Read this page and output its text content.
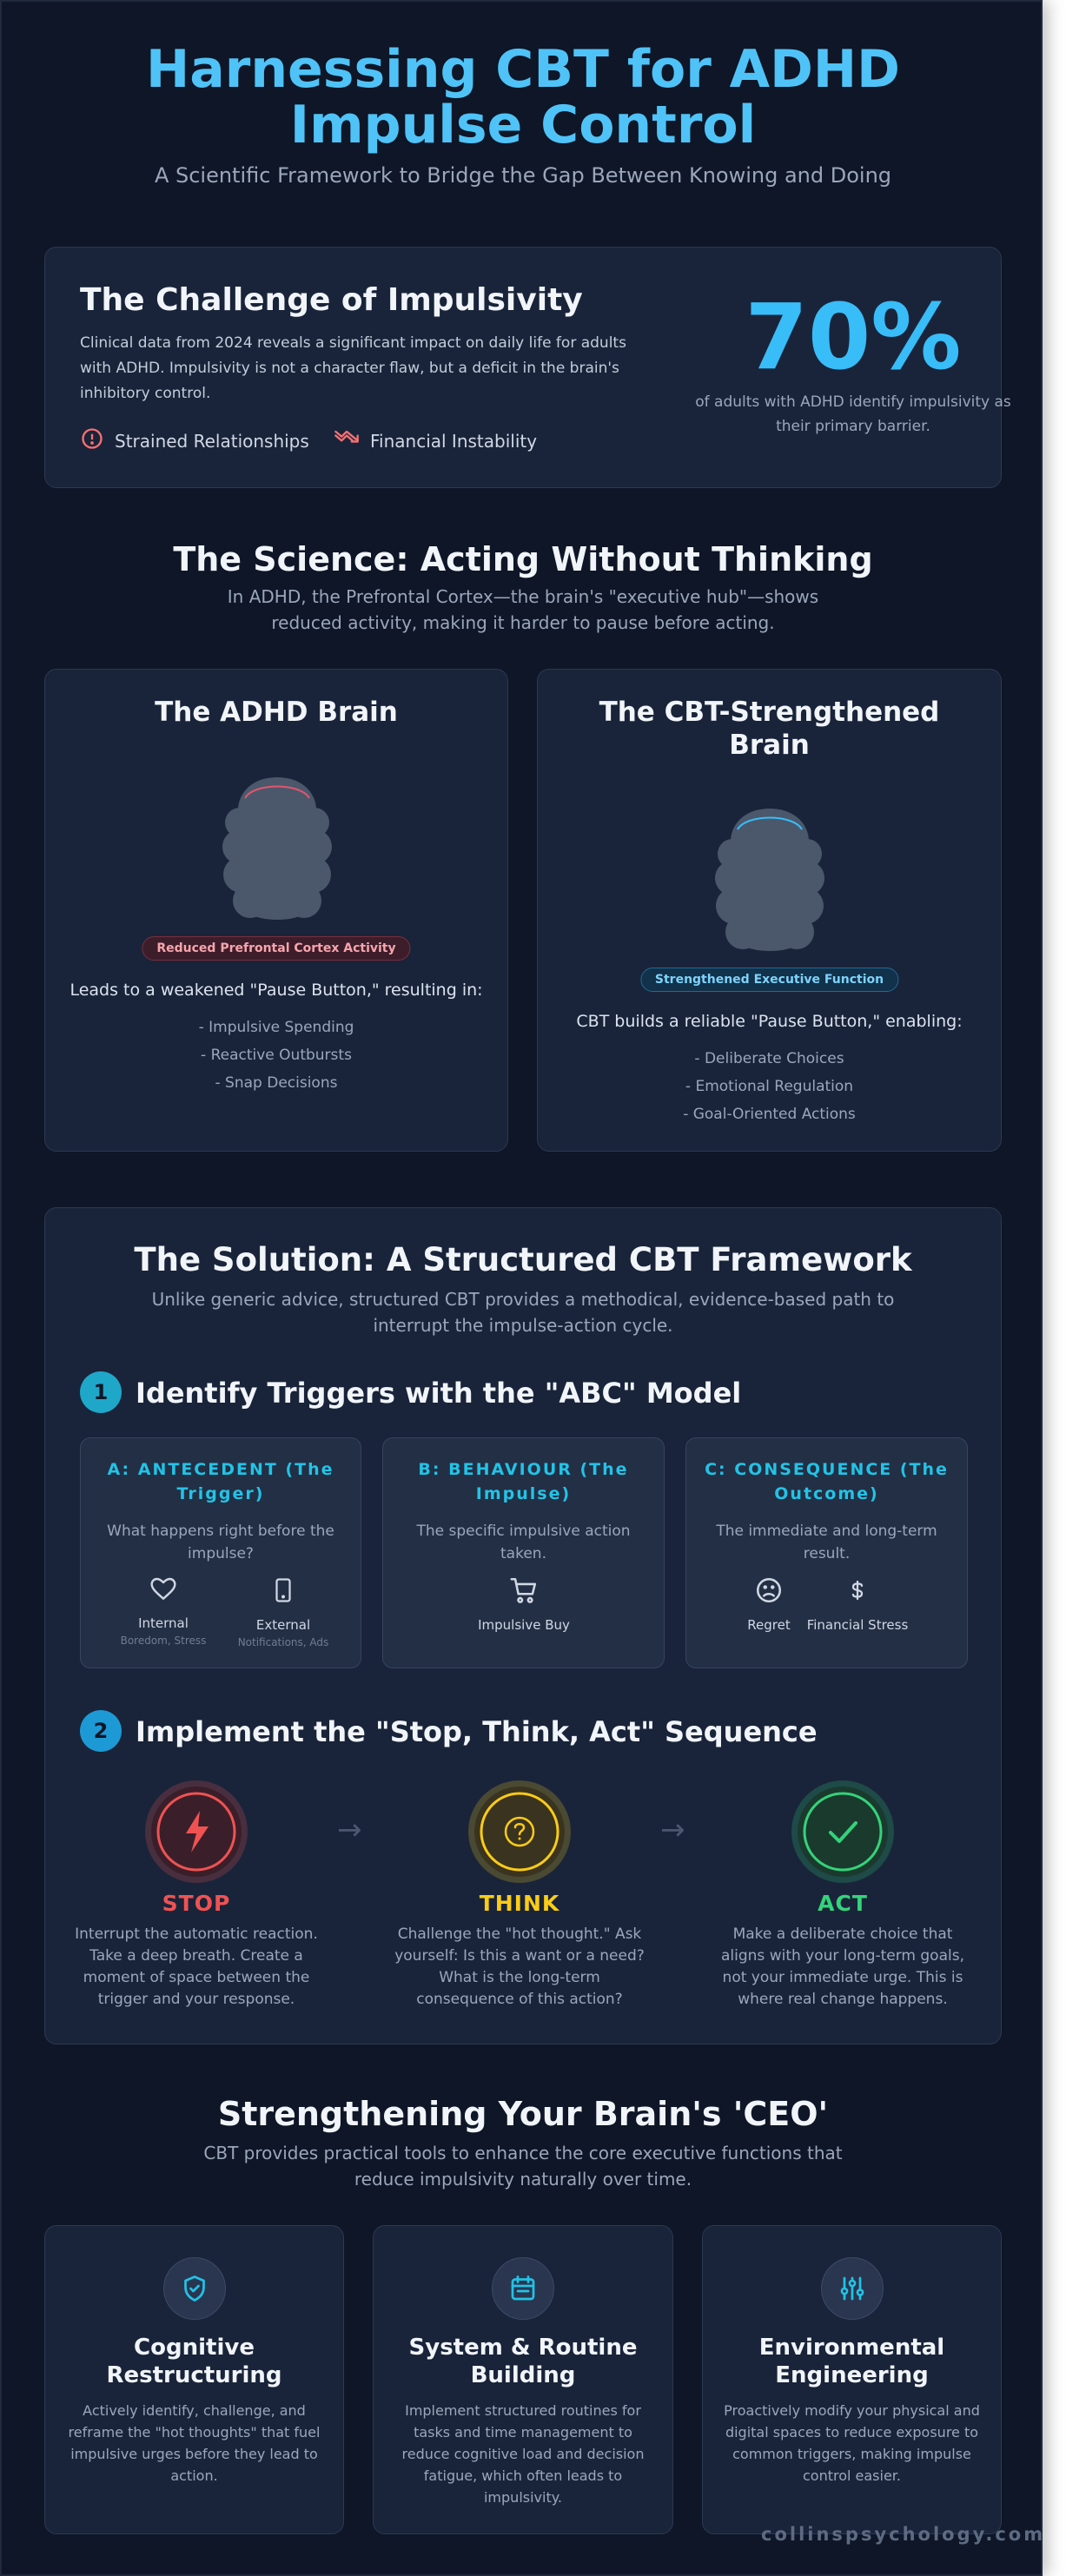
Harnessing CBT for ADHD
Impulse Control
A Scientific Framework to Bridge the Gap Between Knowing and Doing
The Challenge of Impulsivity
Clinical data from 2024 reveals a significant impact on daily life for adults with ADHD. Impulsivity is not a character flaw, but a deficit in the brain's inhibitory control.
Strained Relationships	Financial Instability
70%
of adults with ADHD identify impulsivity as their primary barrier.
The Science: Acting Without Thinking
In ADHD, the Prefrontal Cortex—the brain's "executive hub"—shows reduced activity, making it harder to pause before acting.
The ADHD Brain
Reduced Prefrontal Cortex Activity
Leads to a weakened "Pause Button," resulting in:
- Impulsive Spending
- Reactive Outbursts
- Snap Decisions
The CBT-Strengthened
Brain
Strengthened Executive Function
CBT builds a reliable "Pause Button," enabling:
- Deliberate Choices
- Emotional Regulation
- Goal-Oriented Actions
The Solution: A Structured CBT Framework
Unlike generic advice, structured CBT provides a methodical, evidence-based path to interrupt the impulse-action cycle.
1 Identify Triggers with the "ABC" Model
A: ANTECEDENT (The Trigger)
What happens right before the impulse?
Internal
Boredom, Stress
External
Notifications, Ads
B: BEHAVIOUR (The Impulse)
The specific impulsive action taken.
Impulsive Buy
C: CONSEQUENCE (The Outcome)
The immediate and long-term result.
Regret	Financial Stress
2 Implement the "Stop, Think, Act" Sequence
STOP
Interrupt the automatic reaction. Take a deep breath. Create a moment of space between the trigger and your response.
→
THINK
Challenge the "hot thought." Ask yourself: Is this a want or a need? What is the long-term consequence of this action?
→
ACT
Make a deliberate choice that aligns with your long-term goals, not your immediate urge. This is where real change happens.
Strengthening Your Brain's 'CEO'
CBT provides practical tools to enhance the core executive functions that reduce impulsivity naturally over time.
Cognitive Restructuring
Actively identify, challenge, and reframe the "hot thoughts" that fuel impulsive urges before they lead to action.
System & Routine Building
Implement structured routines for tasks and time management to reduce cognitive load and decision fatigue, which often leads to impulsivity.
Environmental Engineering
Proactively modify your physical and digital spaces to reduce exposure to common triggers, making impulse control easier.
collinspsychology.com
